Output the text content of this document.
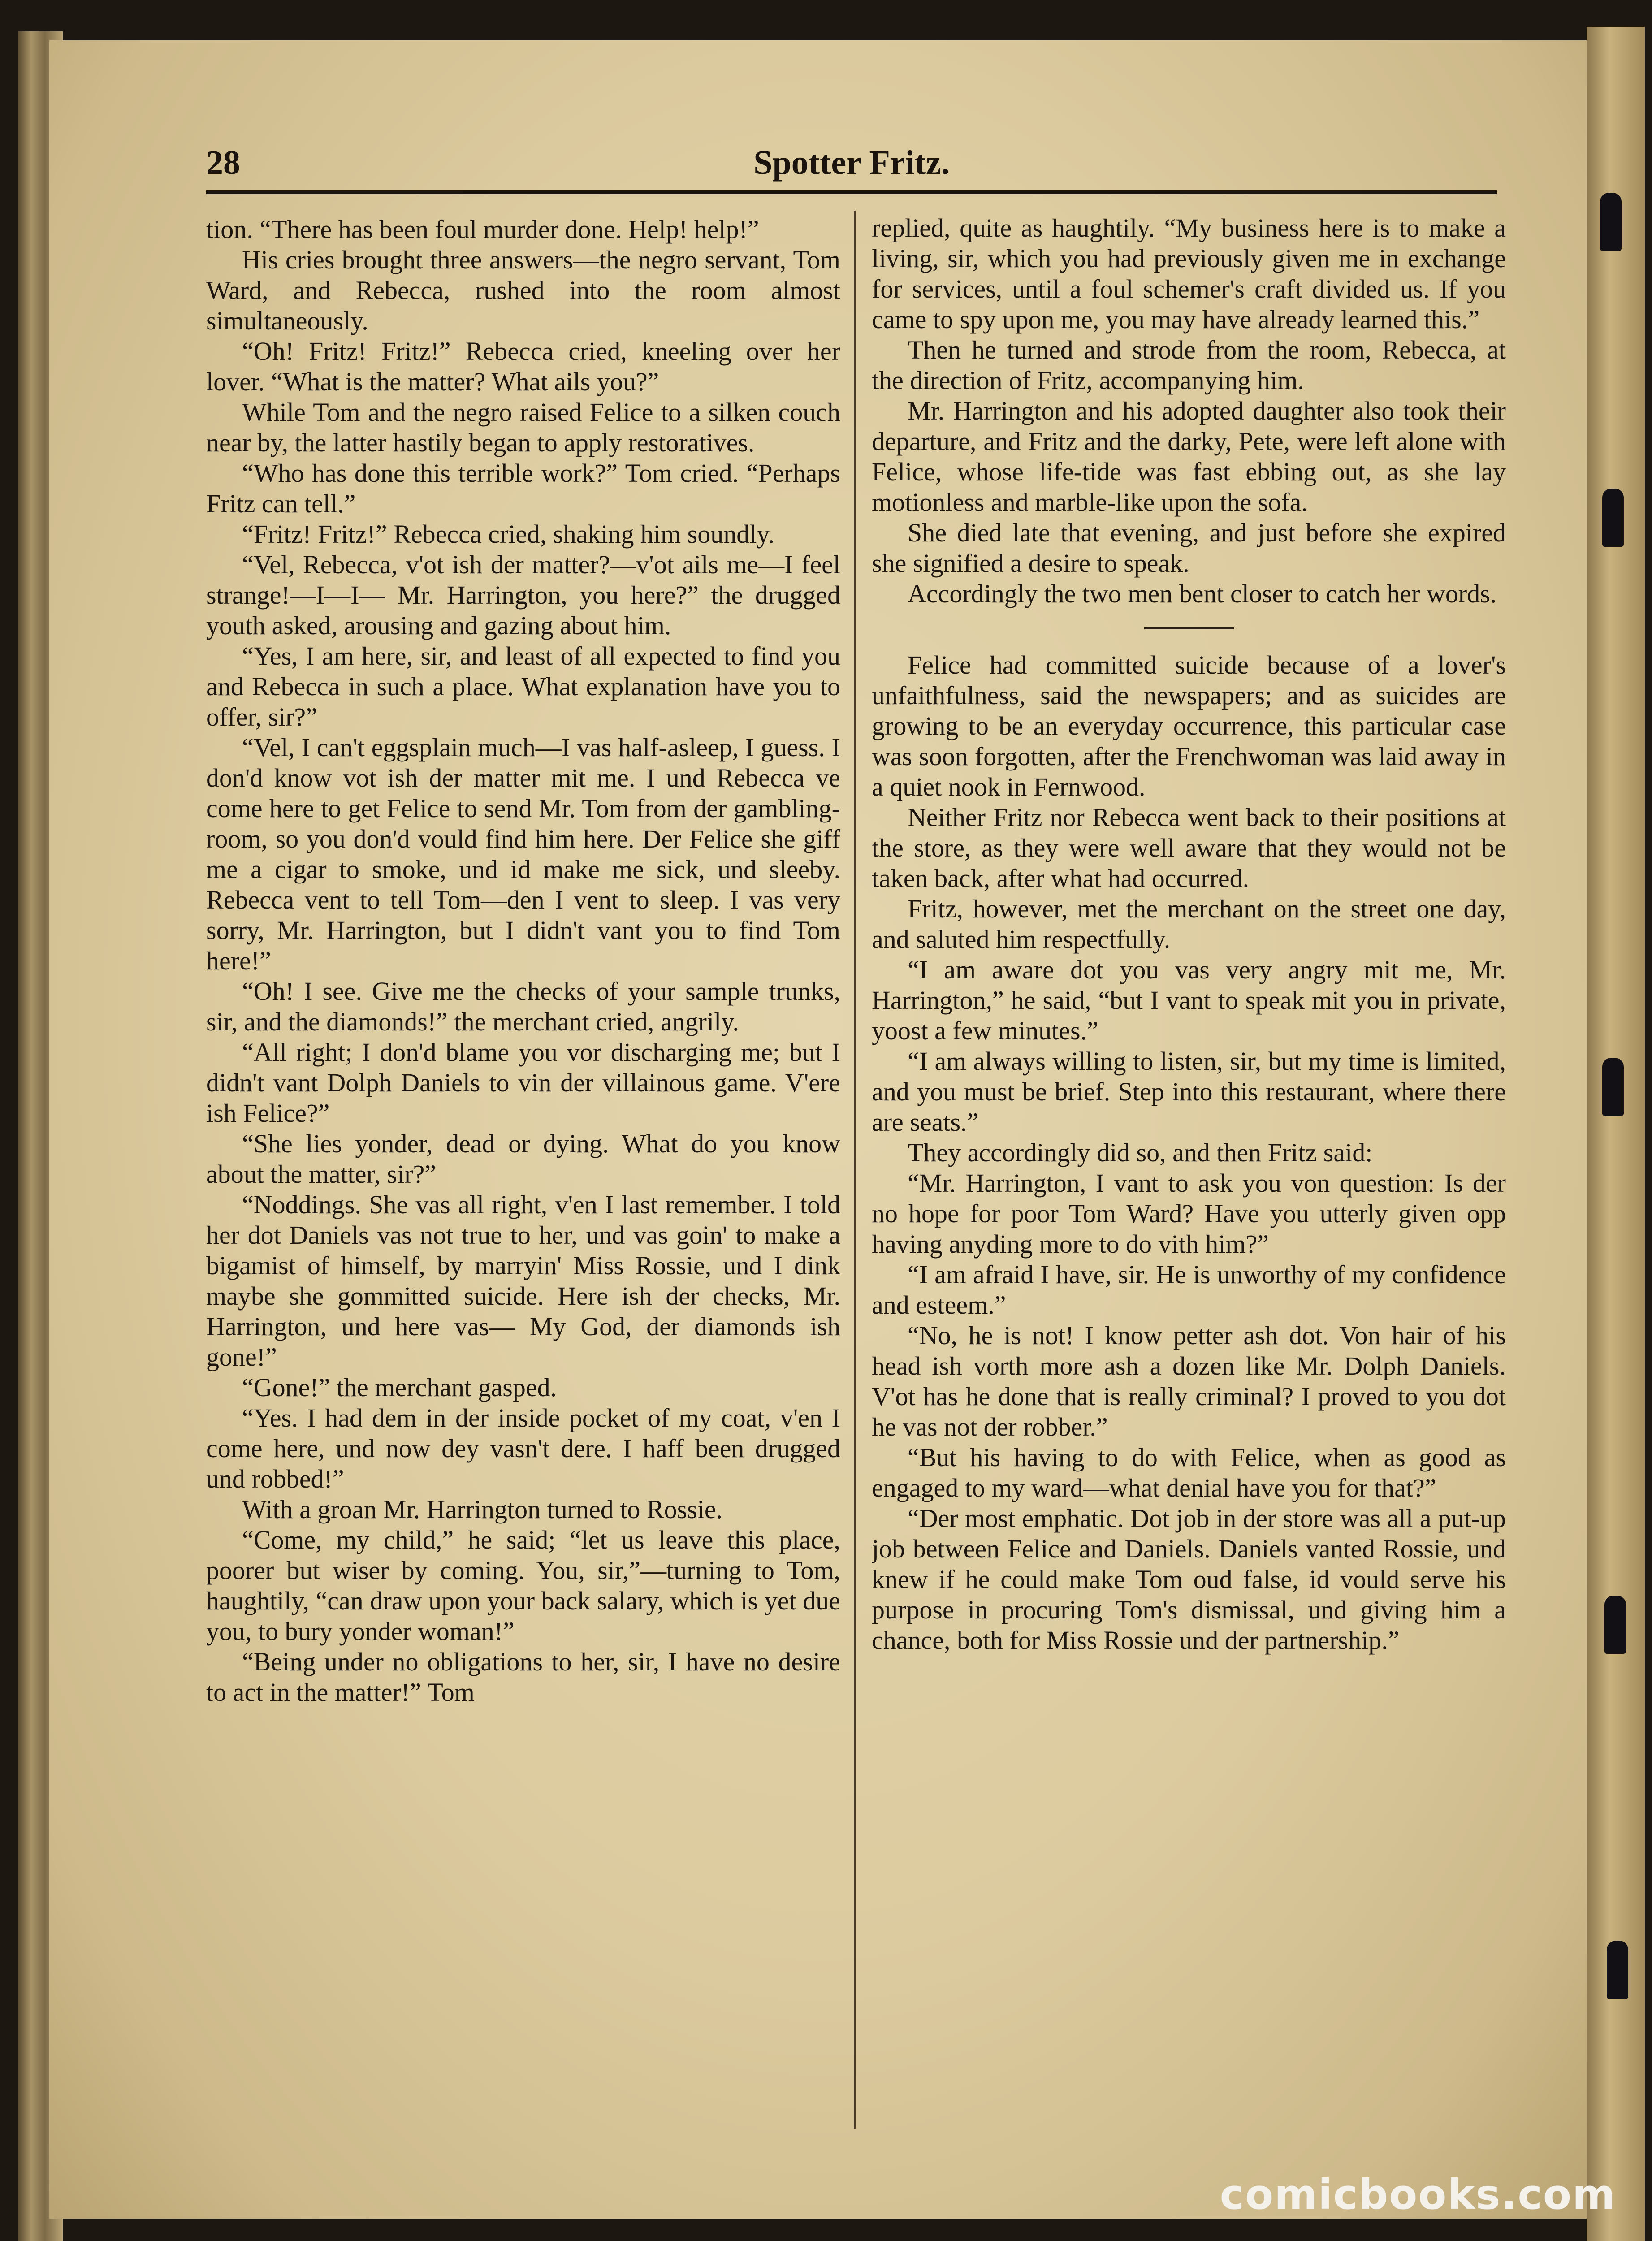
28	Spotter Fritz.

tion. “There has been foul murder done. Help! help!”

His cries brought three answers—the negro servant, Tom Ward, and Rebecca, rushed into the room almost simultaneously.

“Oh! Fritz! Fritz!” Rebecca cried, kneeling over her lover. “What is the matter? What ails you?”

While Tom and the negro raised Felice to a silken couch near by, the latter hastily began to apply restoratives.

“Who has done this terrible work?” Tom cried. “Perhaps Fritz can tell.”

“Fritz! Fritz!” Rebecca cried, shaking him soundly.

“Vel, Rebecca, v'ot ish der matter?—v'ot ails me—I feel strange!—I—I— Mr. Harrington, you here?” the drugged youth asked, arousing and gazing about him.

“Yes, I am here, sir, and least of all expected to find you and Rebecca in such a place. What explanation have you to offer, sir?”

“Vel, I can't eggsplain much—I vas half-asleep, I guess. I don'd know vot ish der matter mit me. I und Rebecca ve come here to get Felice to send Mr. Tom from der gambling-room, so you don'd vould find him here. Der Felice she giff me a cigar to smoke, und id make me sick, und sleeby. Rebecca vent to tell Tom—den I vent to sleep. I vas very sorry, Mr. Harrington, but I didn't vant you to find Tom here!”

“Oh! I see. Give me the checks of your sample trunks, sir, and the diamonds!” the merchant cried, angrily.

“All right; I don'd blame you vor discharging me; but I didn't vant Dolph Daniels to vin der villainous game. V'ere ish Felice?”

“She lies yonder, dead or dying. What do you know about the matter, sir?”

“Noddings. She vas all right, v'en I last remember. I told her dot Daniels vas not true to her, und vas goin' to make a bigamist of himself, by marryin' Miss Rossie, und I dink maybe she gommitted suicide. Here ish der checks, Mr. Harrington, und here vas— My God, der diamonds ish gone!”

“Gone!” the merchant gasped.

“Yes. I had dem in der inside pocket of my coat, v'en I come here, und now dey vasn't dere. I haff been drugged und robbed!”

With a groan Mr. Harrington turned to Rossie.

“Come, my child,” he said; “let us leave this place, poorer but wiser by coming. You, sir,”—turning to Tom, haughtily, “can draw upon your back salary, which is yet due you, to bury yonder woman!”

“Being under no obligations to her, sir, I have no desire to act in the matter!” Tom

replied, quite as haughtily. “My business here is to make a living, sir, which you had previously given me in exchange for services, until a foul schemer's craft divided us. If you came to spy upon me, you may have already learned this.”

Then he turned and strode from the room, Rebecca, at the direction of Fritz, accompanying him.

Mr. Harrington and his adopted daughter also took their departure, and Fritz and the darky, Pete, were left alone with Felice, whose life-tide was fast ebbing out, as she lay motionless and marble-like upon the sofa.

She died late that evening, and just before she expired she signified a desire to speak.

Accordingly the two men bent closer to catch her words.

Felice had committed suicide because of a lover's unfaithfulness, said the newspapers; and as suicides are growing to be an everyday occurrence, this particular case was soon forgotten, after the Frenchwoman was laid away in a quiet nook in Fernwood.

Neither Fritz nor Rebecca went back to their positions at the store, as they were well aware that they would not be taken back, after what had occurred.

Fritz, however, met the merchant on the street one day, and saluted him respectfully.

“I am aware dot you vas very angry mit me, Mr. Harrington,” he said, “but I vant to speak mit you in private, yoost a few minutes.”

“I am always willing to listen, sir, but my time is limited, and you must be brief. Step into this restaurant, where there are seats.”

They accordingly did so, and then Fritz said:

“Mr. Harrington, I vant to ask you von question: Is der no hope for poor Tom Ward? Have you utterly given opp having anyding more to do vith him?”

“I am afraid I have, sir. He is unworthy of my confidence and esteem.”

“No, he is not! I know petter ash dot. Von hair of his head ish vorth more ash a dozen like Mr. Dolph Daniels. V'ot has he done that is really criminal? I proved to you dot he vas not der robber.”

“But his having to do with Felice, when as good as engaged to my ward—what denial have you for that?”

“Der most emphatic. Dot job in der store was all a put-up job between Felice and Daniels. Daniels vanted Rossie, und knew if he could make Tom oud false, id vould serve his purpose in procuring Tom's dismissal, und giving him a chance, both for Miss Rossie und der partnership.”

comicbooks.com
